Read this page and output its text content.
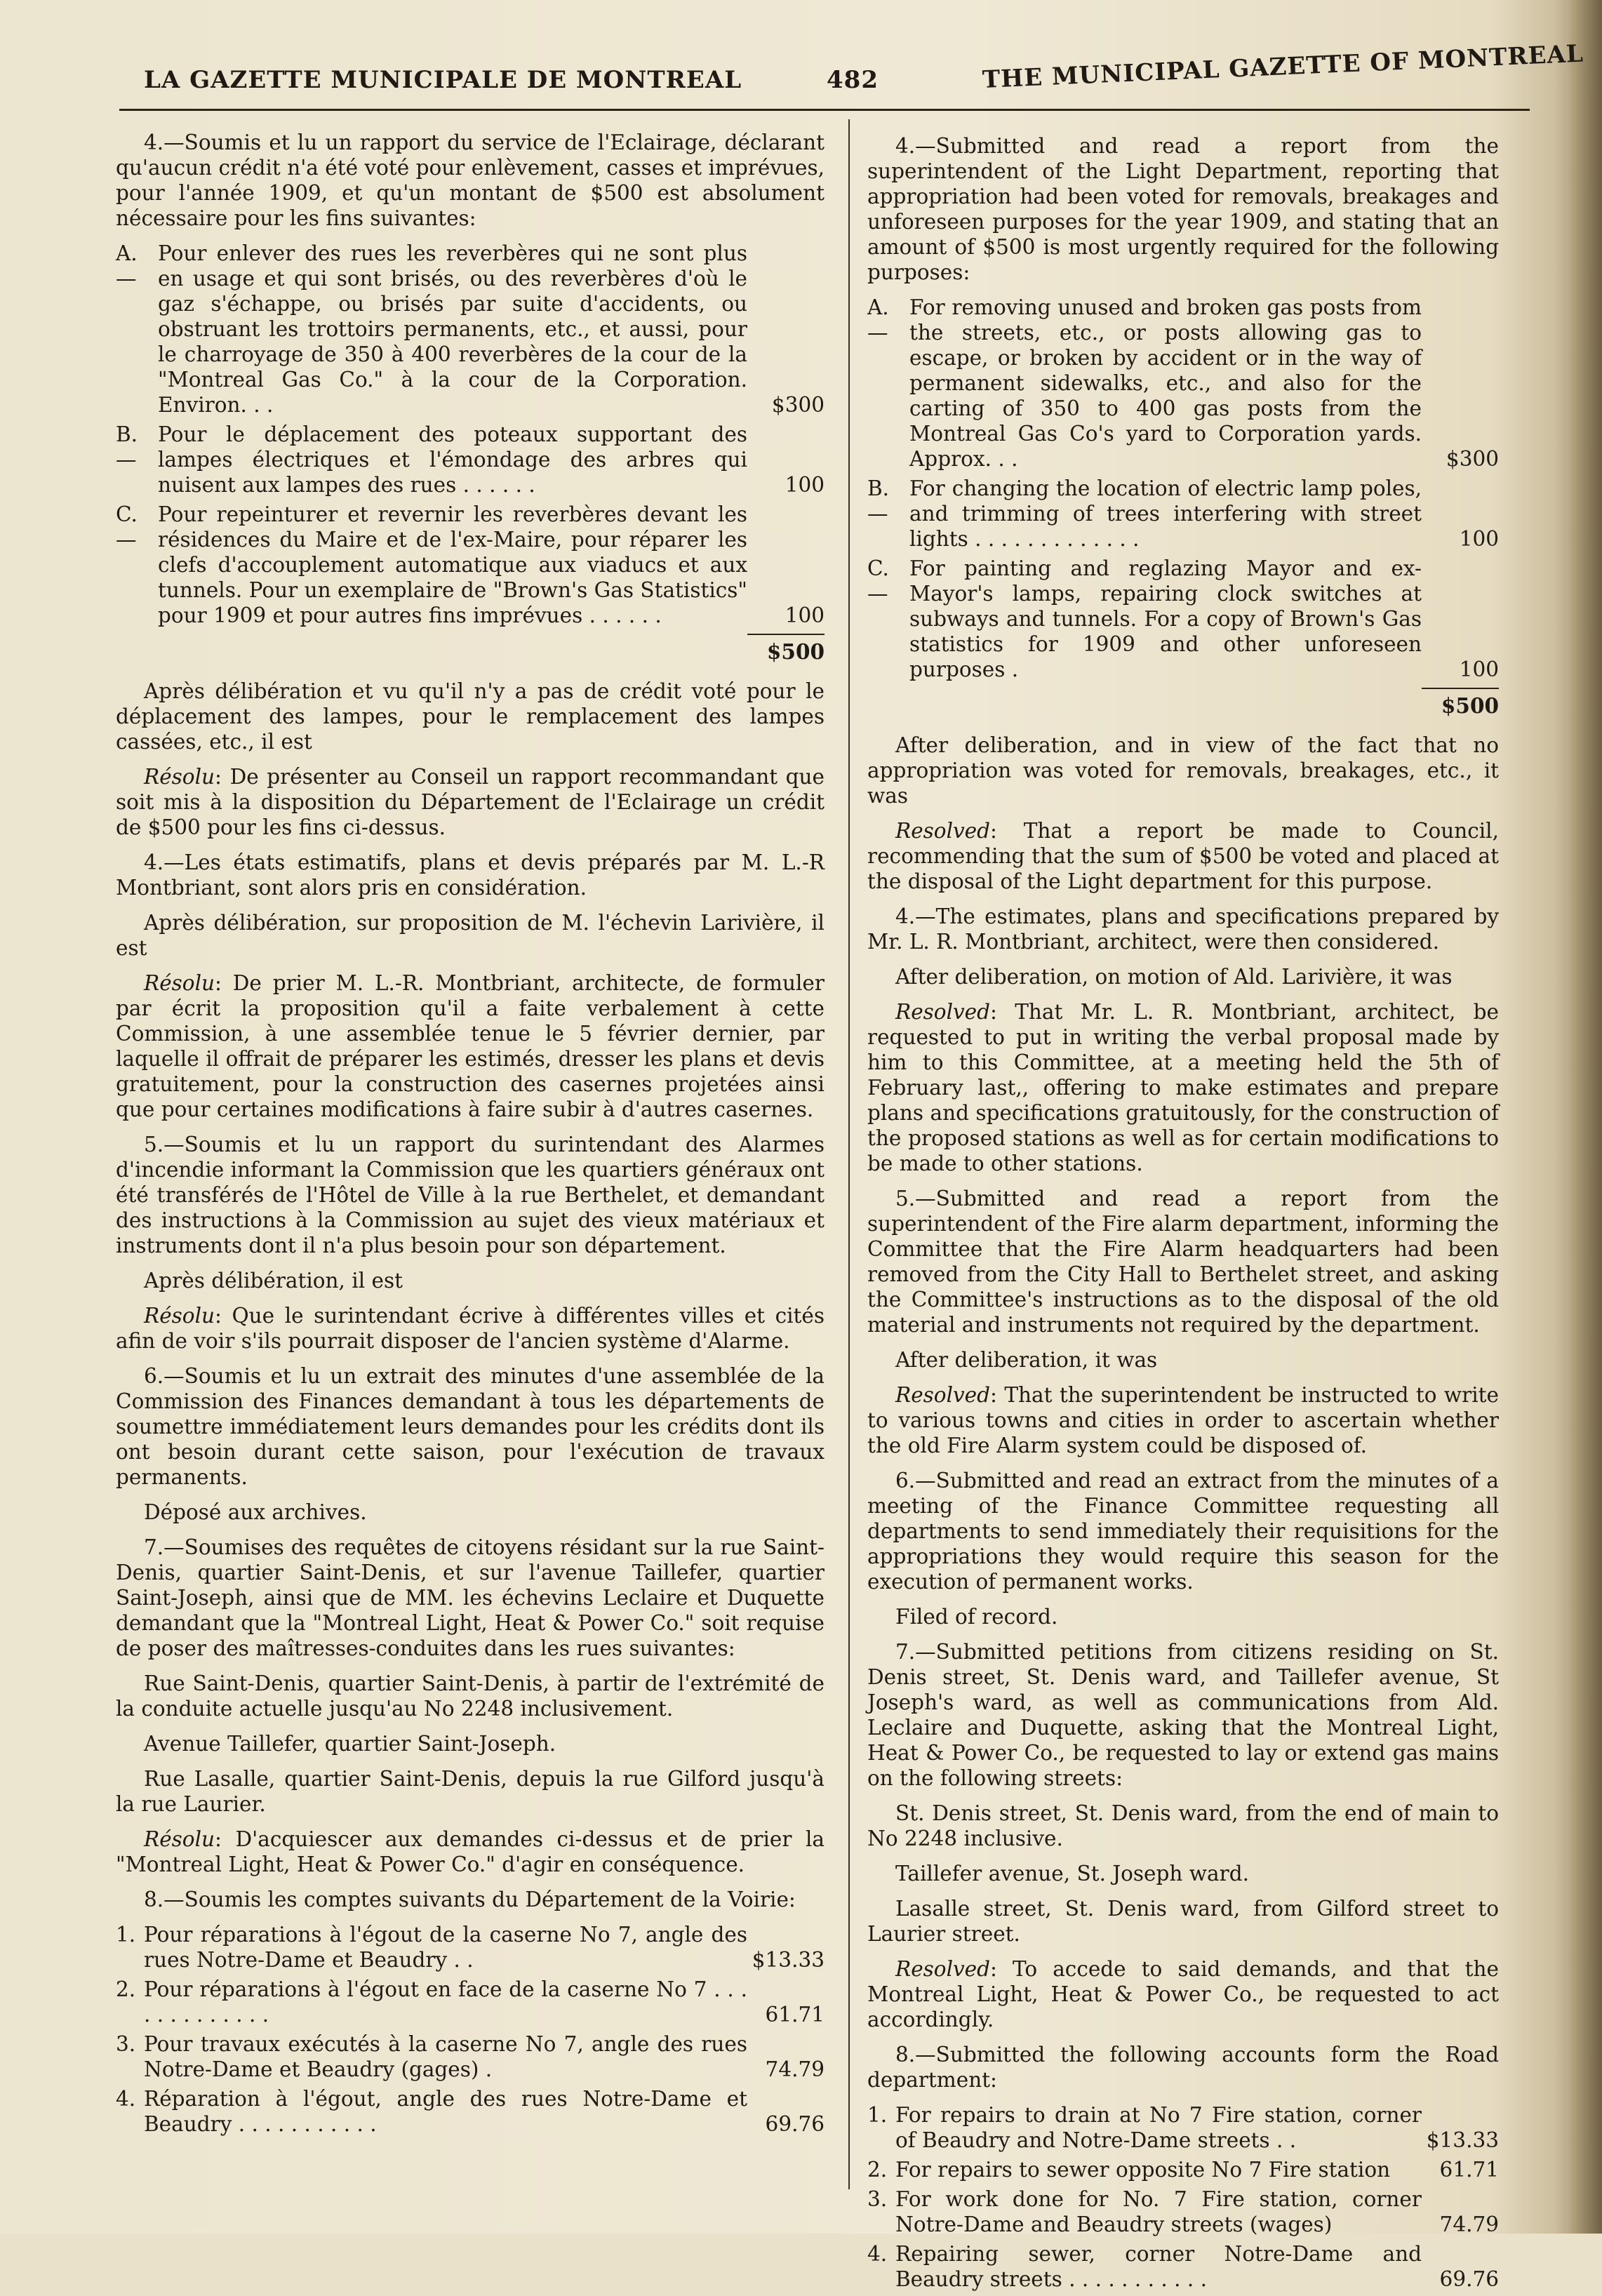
LA GAZETTE MUNICIPALE DE MONTREAL	482	THE MUNICIPAL GAZETTE OF MONTREAL

4.—Soumis et lu un rapport du service de l'Eclairage, déclarant qu'aucun crédit n'a été voté pour enlèvement, casses et imprévues, pour l'année 1909, et qu'un montant de $500 est absolument nécessaire pour les fins suivantes:

A.—
Pour enlever des rues les reverbères qui ne sont plus en usage et qui sont brisés, ou des reverbères d'où le gaz s'échappe, ou brisés par suite d'accidents, ou obstruant les trottoirs permanents, etc., et aussi, pour le charroyage de 350 à 400 reverbères de la cour de la "Montreal Gas Co." à la cour de la Corporation. Environ. . .	$300
B.—
Pour le déplacement des poteaux supportant des lampes électriques et l'émondage des arbres qui nuisent aux lampes des rues . . . . . .	100
C.—
Pour repeinturer et revernir les reverbères devant les résidences du Maire et de l'ex-Maire, pour réparer les clefs d'accouplement automatique aux viaducs et aux tunnels. Pour un exemplaire de "Brown's Gas Statistics" pour 1909 et pour autres fins imprévues . . . . . .	100
$500

Après délibération et vu qu'il n'y a pas de crédit voté pour le déplacement des lampes, pour le remplacement des lampes cassées, etc., il est

Résolu: De présenter au Conseil un rapport recommandant que soit mis à la disposition du Département de l'Eclairage un crédit de $500 pour les fins ci-dessus.

4.—Les états estimatifs, plans et devis préparés par M. L.-R Montbriant, sont alors pris en considération.

Après délibération, sur proposition de M. l'échevin Larivière, il est

Résolu: De prier M. L.-R. Montbriant, architecte, de formuler par écrit la proposition qu'il a faite verbalement à cette Commission, à une assemblée tenue le 5 février dernier, par laquelle il offrait de préparer les estimés, dresser les plans et devis gratuitement, pour la construction des casernes projetées ainsi que pour certaines modifications à faire subir à d'autres casernes.

5.—Soumis et lu un rapport du surintendant des Alarmes d'incendie informant la Commission que les quartiers généraux ont été transférés de l'Hôtel de Ville à la rue Berthelet, et demandant des instructions à la Commission au sujet des vieux matériaux et instruments dont il n'a plus besoin pour son département.

Après délibération, il est

Résolu: Que le surintendant écrive à différentes villes et cités afin de voir s'ils pourrait disposer de l'ancien système d'Alarme.

6.—Soumis et lu un extrait des minutes d'une assemblée de la Commission des Finances demandant à tous les départements de soumettre immédiatement leurs demandes pour les crédits dont ils ont besoin durant cette saison, pour l'exécution de travaux permanents.

Déposé aux archives.

7.—Soumises des requêtes de citoyens résidant sur la rue Saint-Denis, quartier Saint-Denis, et sur l'avenue Taillefer, quartier Saint-Joseph, ainsi que de MM. les échevins Leclaire et Duquette demandant que la "Montreal Light, Heat & Power Co." soit requise de poser des maîtresses-conduites dans les rues suivantes:

Rue Saint-Denis, quartier Saint-Denis, à partir de l'extrémité de la conduite actuelle jusqu'au No 2248 inclusivement.

Avenue Taillefer, quartier Saint-Joseph.

Rue Lasalle, quartier Saint-Denis, depuis la rue Gilford jusqu'à la rue Laurier.

Résolu: D'acquiescer aux demandes ci-dessus et de prier la "Montreal Light, Heat & Power Co." d'agir en conséquence.

8.—Soumis les comptes suivants du Département de la Voirie:

1. Pour réparations à l'égout de la caserne No 7, angle des rues Notre-Dame et Beaudry . .	$13.33
2. Pour réparations à l'égout en face de la caserne No 7 . . . . . . . . . . . . .	61.71
3. Pour travaux exécutés à la caserne No 7, angle des rues Notre-Dame et Beaudry (gages) .	74.79
4. Réparation à l'égout, angle des rues Notre-Dame et Beaudry . . . . . . . . . . .	69.76

4.—Submitted and read a report from the superintendent of the Light Department, reporting that appropriation had been voted for removals, breakages and unforeseen purposes for the year 1909, and stating that an amount of $500 is most urgently required for the following purposes:

A.—
For removing unused and broken gas posts from the streets, etc., or posts allowing gas to escape, or broken by accident or in the way of permanent sidewalks, etc., and also for the carting of 350 to 400 gas posts from the Montreal Gas Co's yard to Corporation yards. Approx. . .	$300
B.—
For changing the location of electric lamp poles, and trimming of trees interfering with street lights . . . . . . . . . . . . .	100
C.—
For painting and reglazing Mayor and ex-Mayor's lamps, repairing clock switches at subways and tunnels. For a copy of Brown's Gas statistics for 1909 and other unforeseen purposes .	100
$500

After deliberation, and in view of the fact that no appropriation was voted for removals, breakages, etc., it was

Resolved: That a report be made to Council, recommending that the sum of $500 be voted and placed at the disposal of the Light department for this purpose.

4.—The estimates, plans and specifications prepared by Mr. L. R. Montbriant, architect, were then considered.

After deliberation, on motion of Ald. Larivière, it was

Resolved: That Mr. L. R. Montbriant, architect, be requested to put in writing the verbal proposal made by him to this Committee, at a meeting held the 5th of February last,, offering to make estimates and prepare plans and specifications gratuitously, for the construction of the proposed stations as well as for certain modifications to be made to other stations.

5.—Submitted and read a report from the superintendent of the Fire alarm department, informing the Committee that the Fire Alarm headquarters had been removed from the City Hall to Berthelet street, and asking the Committee's instructions as to the disposal of the old material and instruments not required by the department.

After deliberation, it was

Resolved: That the superintendent be instructed to write to various towns and cities in order to ascertain whether the old Fire Alarm system could be disposed of.

6.—Submitted and read an extract from the minutes of a meeting of the Finance Committee requesting all departments to send immediately their requisitions for the appropriations they would require this season for the execution of permanent works.

Filed of record.

7.—Submitted petitions from citizens residing on St. Denis street, St. Denis ward, and Taillefer avenue, St Joseph's ward, as well as communications from Ald. Leclaire and Duquette, asking that the Montreal Light, Heat & Power Co., be requested to lay or extend gas mains on the following streets:

St. Denis street, St. Denis ward, from the end of main to No 2248 inclusive.

Taillefer avenue, St. Joseph ward.

Lasalle street, St. Denis ward, from Gilford street to Laurier street.

Resolved: To accede to said demands, and that the Montreal Light, Heat & Power Co., be requested to act accordingly.

8.—Submitted the following accounts form the Road department:

1. For repairs to drain at No 7 Fire station, corner of Beaudry and Notre-Dame streets . .	$13.33
2. For repairs to sewer opposite No 7 Fire station	61.71
3. For work done for No. 7 Fire station, corner Notre-Dame and Beaudry streets (wages)	74.79
4. Repairing sewer, corner Notre-Dame and Beaudry streets . . . . . . . . . . .	69.76
